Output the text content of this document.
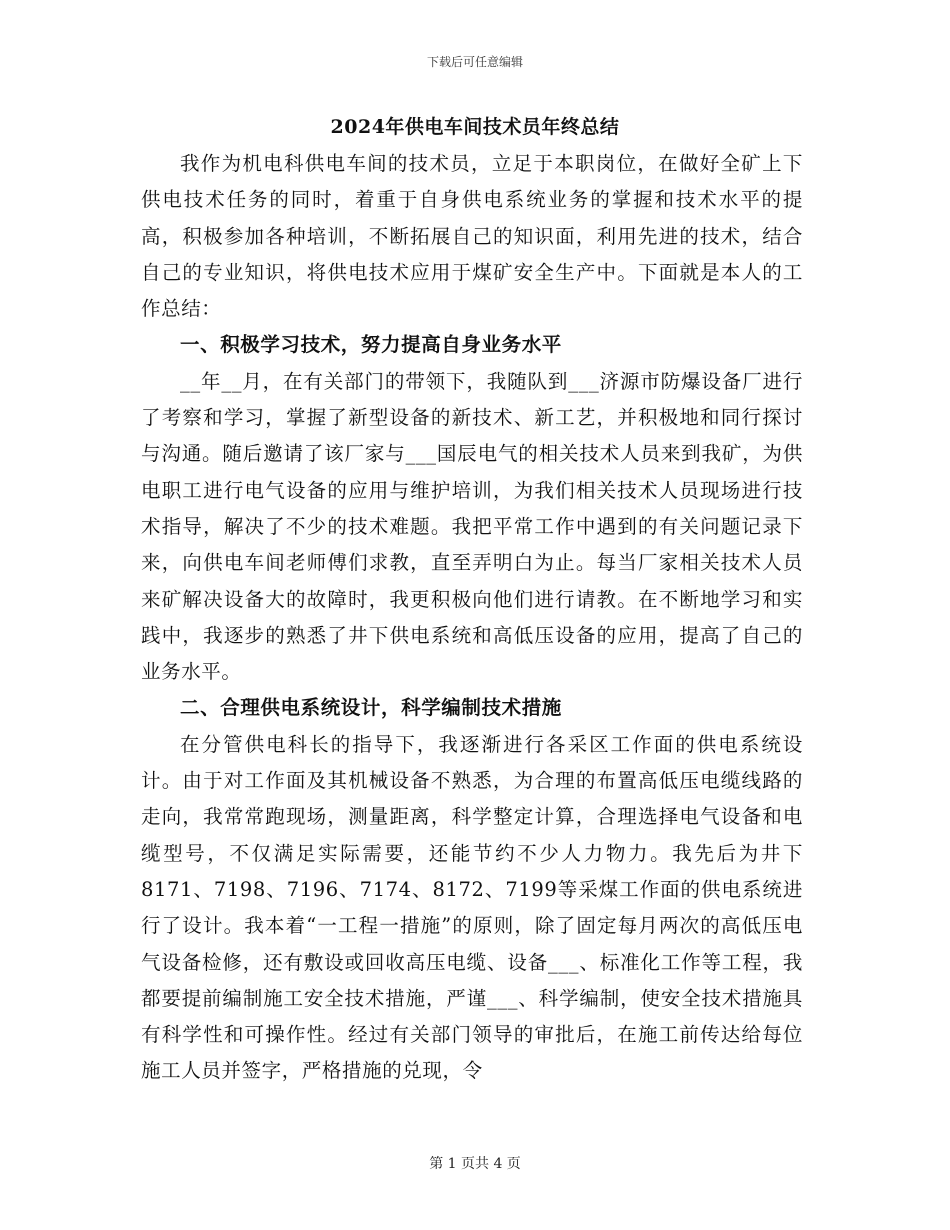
下载后可任意编辑
2024年供电车间技术员年终总结

我作为机电科供电车间的技术员，立足于本职岗位，在做好全矿上下供电技术任务的同时，着重于自身供电系统业务的掌握和技术水平的提高，积极参加各种培训，不断拓展自己的知识面，利用先进的技术，结合自己的专业知识，将供电技术应用于煤矿安全生产中。下面就是本人的工作总结：

一、积极学习技术，努力提高自身业务水平

__年__月，在有关部门的带领下，我随队到___济源市防爆设备厂进行了考察和学习，掌握了新型设备的新技术、新工艺，并积极地和同行探讨与沟通。随后邀请了该厂家与___国辰电气的相关技术人员来到我矿，为供电职工进行电气设备的应用与维护培训，为我们相关技术人员现场进行技术指导，解决了不少的技术难题。我把平常工作中遇到的有关问题记录下来，向供电车间老师傅们求教，直至弄明白为止。每当厂家相关技术人员来矿解决设备大的故障时，我更积极向他们进行请教。在不断地学习和实践中，我逐步的熟悉了井下供电系统和高低压设备的应用，提高了自己的业务水平。

二、合理供电系统设计，科学编制技术措施

在分管供电科长的指导下，我逐渐进行各采区工作面的供电系统设计。由于对工作面及其机械设备不熟悉，为合理的布置高低压电缆线路的走向，我常常跑现场，测量距离，科学整定计算，合理选择电气设备和电缆型号，不仅满足实际需要，还能节约不少人力物力。我先后为井下8171、7198、7196、7174、8172、7199等采煤工作面的供电系统进行了设计。我本着“一工程一措施”的原则，除了固定每月两次的高低压电气设备检修，还有敷设或回收高压电缆、设备___、标准化工作等工程，我都要提前编制施工安全技术措施，严谨___、科学编制，使安全技术措施具有科学性和可操作性。经过有关部门领导的审批后，在施工前传达给每位施工人员并签字，严格措施的兑现，令

第 1 页共 4 页
